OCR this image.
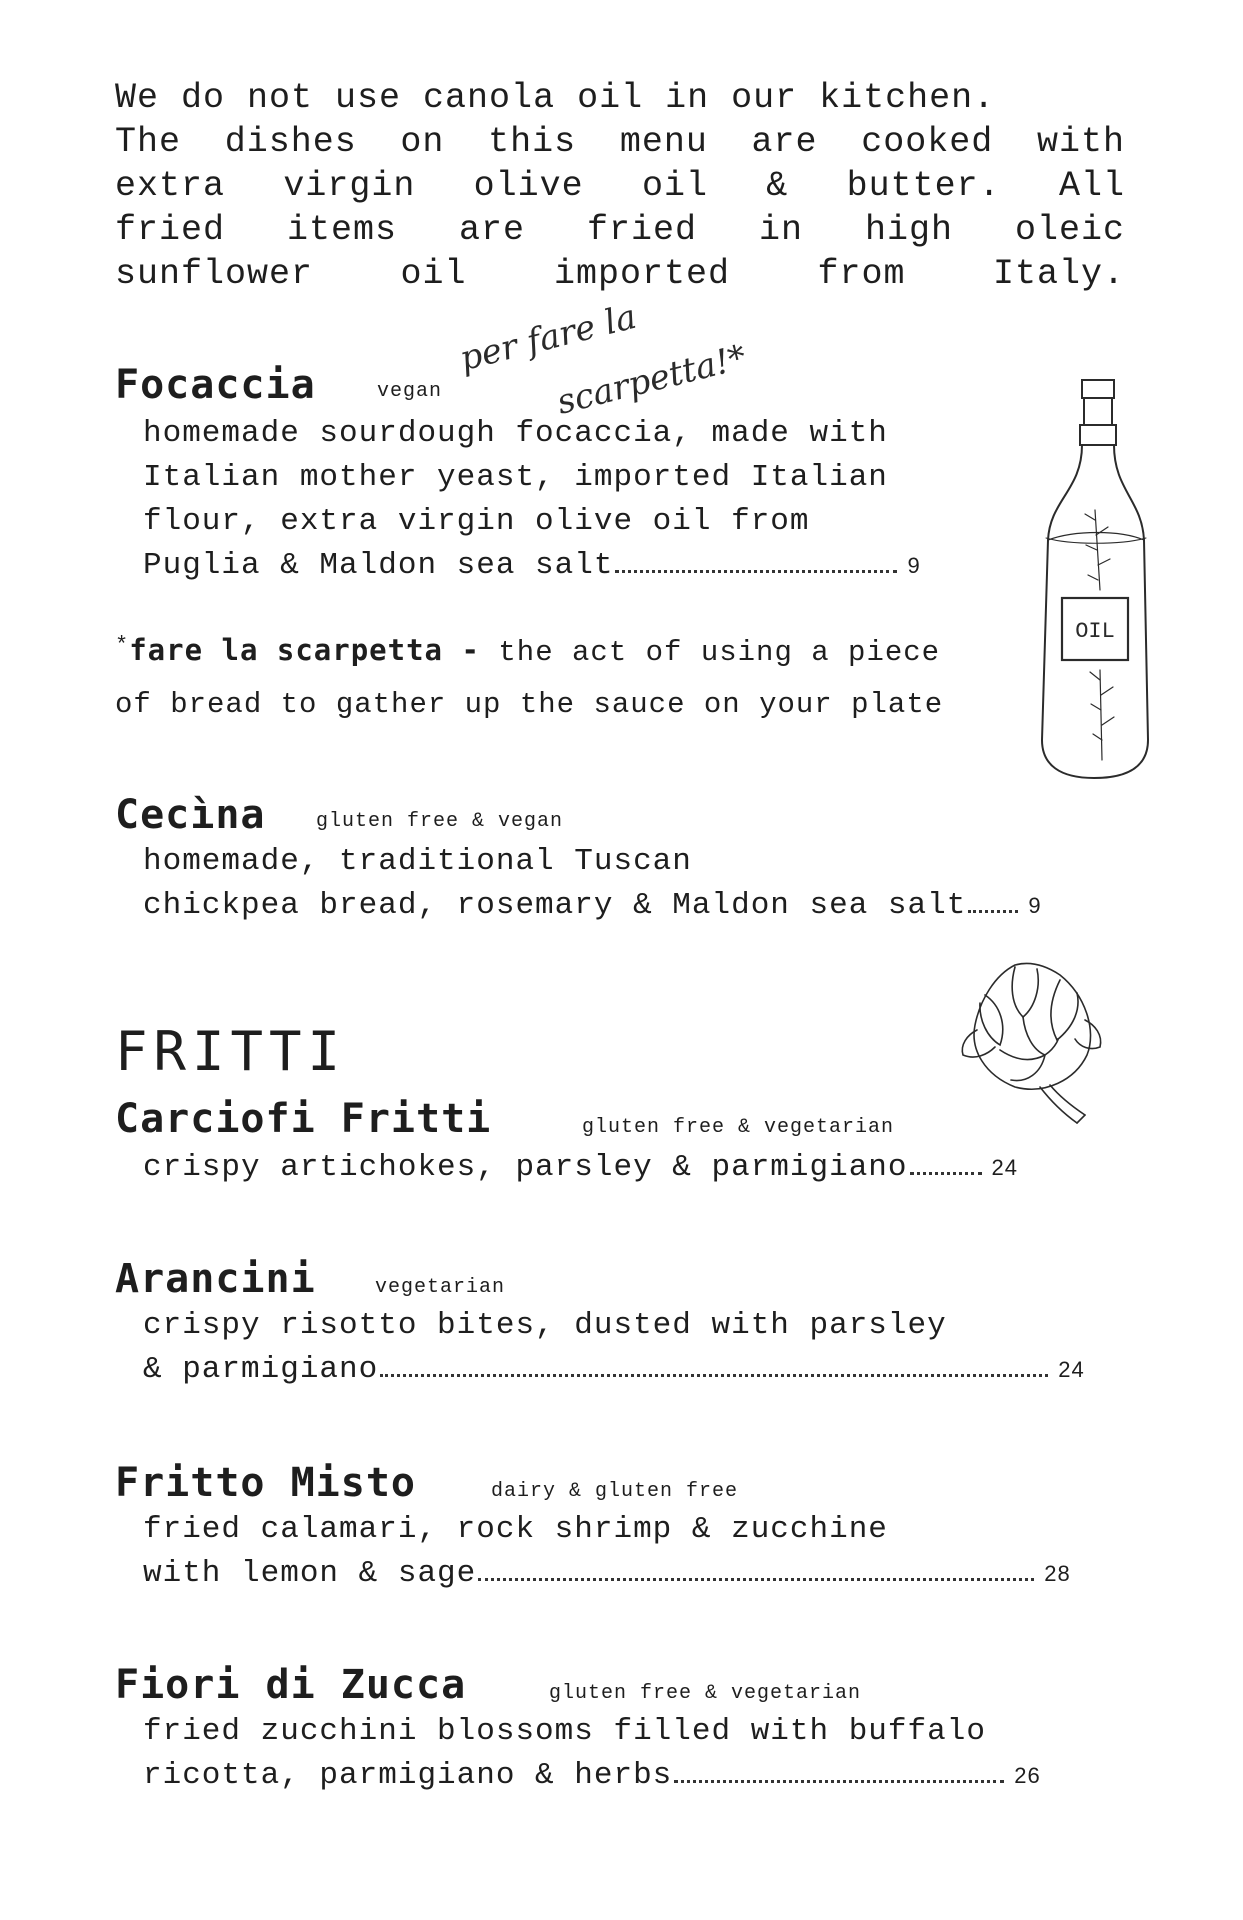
We do not use canola oil in our kitchen.
The dishes on this menu are cooked with
extra virgin olive oil & butter. All
fried items are fried in high oleic
sunflower oil imported from Italy.
Focaccia	vegan
per fare la
scarpetta!*
homemade sourdough focaccia, made with
Italian mother yeast, imported Italian
flour, extra virgin olive oil from
Puglia & Maldon sea salt	9
*fare la scarpetta - the act of using a piece
of bread to gather up the sauce on your plate
OIL
Cecìna	gluten free & vegan
homemade, traditional Tuscan
chickpea bread, rosemary & Maldon sea salt	9
FRITTI
Carciofi Fritti	gluten free & vegetarian
crispy artichokes, parsley & parmigiano	24
Arancini	vegetarian
crispy risotto bites, dusted with parsley
& parmigiano	24
Fritto Misto	dairy & gluten free
fried calamari, rock shrimp & zucchine
with lemon & sage	28
Fiori di Zucca	gluten free & vegetarian
fried zucchini blossoms filled with buffalo
ricotta, parmigiano & herbs	26
